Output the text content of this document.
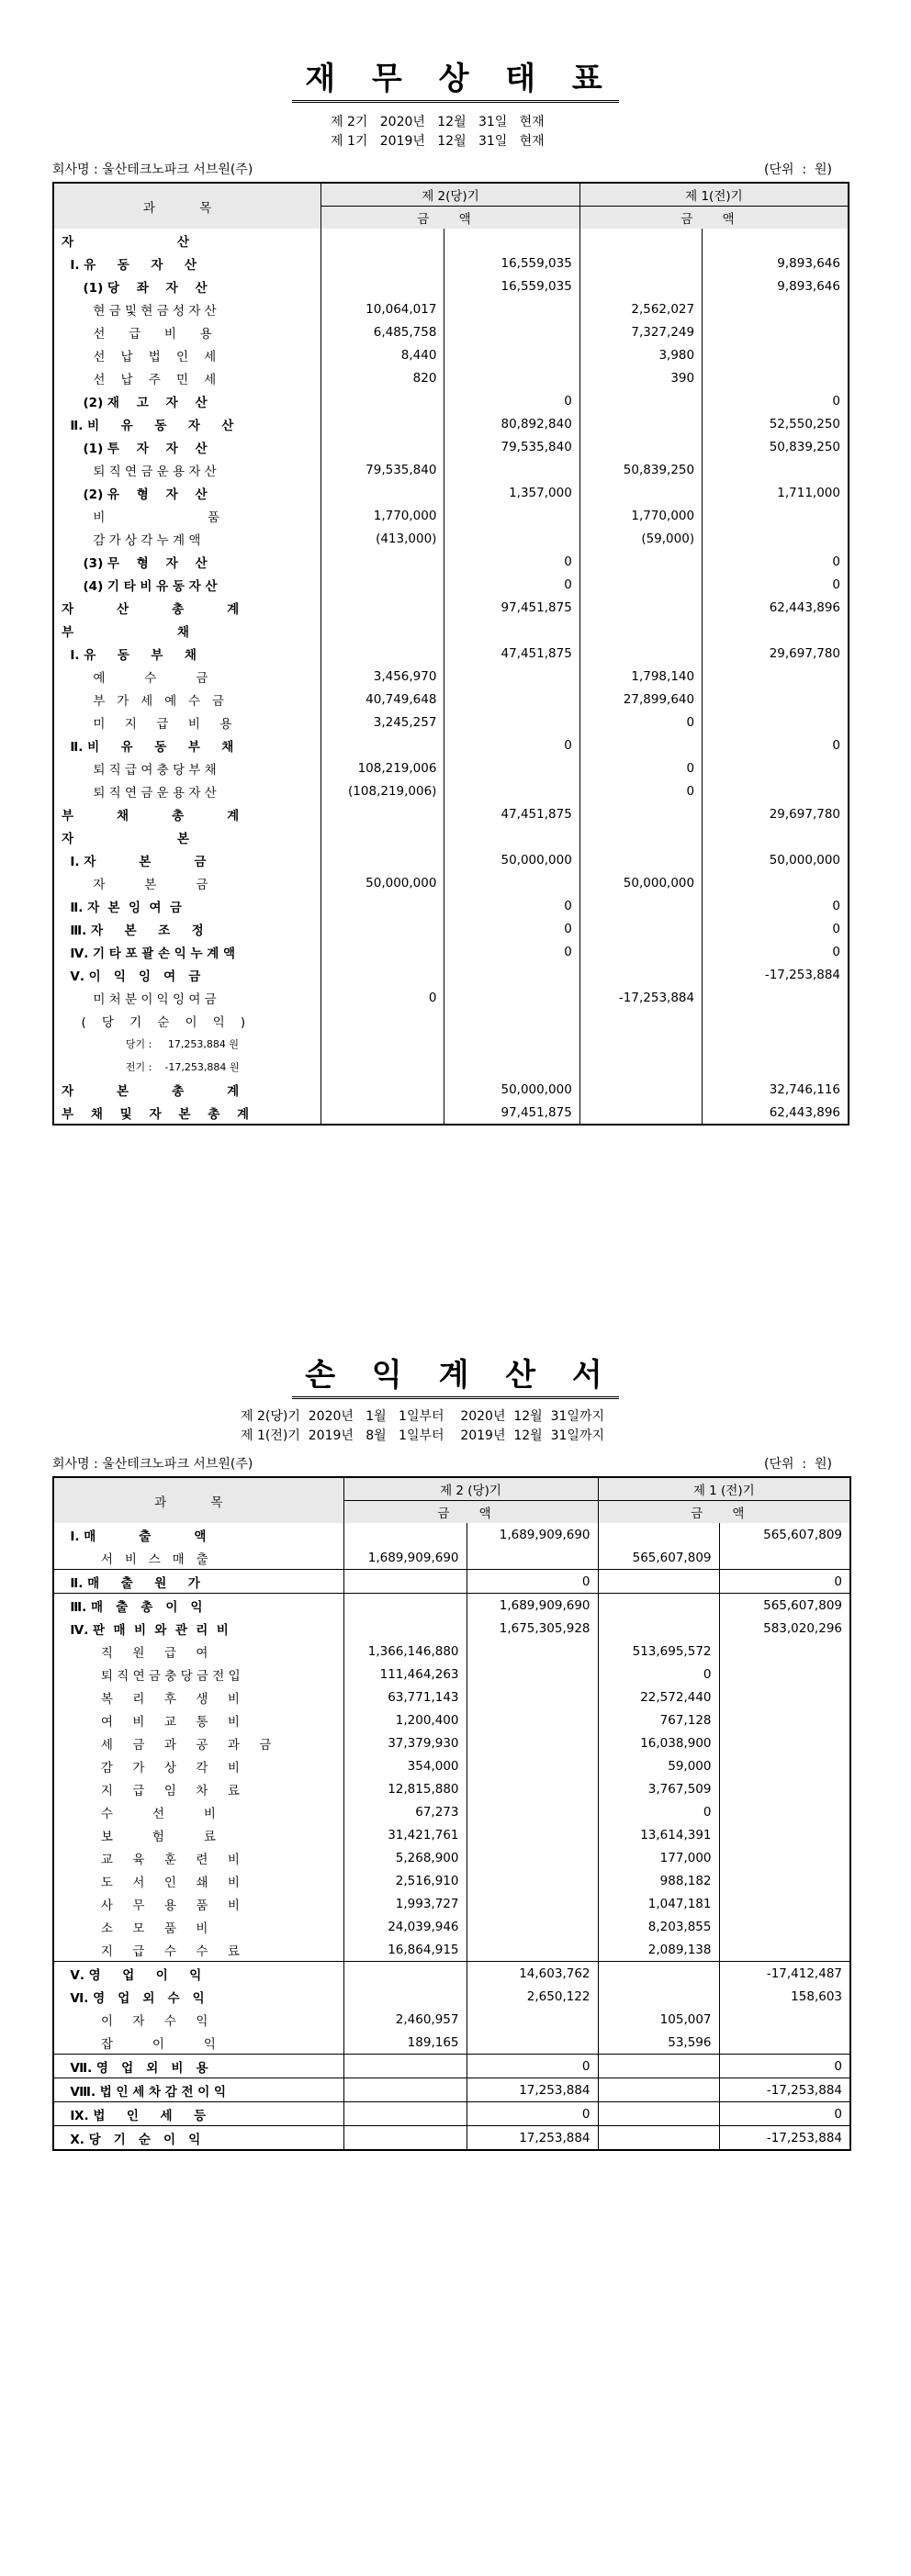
재 무 상 태 표
제 2기   2020년   12월   31일   현재
제 1기   2019년   12월   31일   현재
회사명 : 울산테크노파크 서브원(주)	(단위  :  원)
과 목	제 2(당)기		제 1(전)기	
	금 액		금 액	
자                        산				
Ⅰ. 유     동     자     산		16,559,035		9,893,646
(1) 당    좌    자    산		16,559,035		9,893,646
현 금 및 현 금 성 자 산	10,064,017		2,562,027	
선      급      비      용	6,485,758		7,327,249	
선    납    법    인    세	8,440		3,980	
선    납    주    민    세	820		390	
(2) 재    고    자    산		0		0
Ⅱ. 비     유     동     자     산		80,892,840		52,550,250
(1) 투    자    자    산		79,535,840		50,839,250
퇴 직 연 금 운 용 자 산	79,535,840		50,839,250	
(2) 유    형    자    산		1,357,000		1,711,000
비                          품	1,770,000		1,770,000	
감 가 상 각 누 계 액	(413,000)		(59,000)	
(3) 무    형    자    산		0		0
(4) 기 타 비 유 동 자 산		0		0
자          산          총          계		97,451,875		62,443,896
부                        채				
Ⅰ. 유     동     부     채		47,451,875		29,697,780
예          수          금	3,456,970		1,798,140	
부   가   세   예   수   금	40,749,648		27,899,640	
미     지     급     비     용	3,245,257		0	
Ⅱ. 비     유     동     부     채		0		0
퇴 직 급 여 충 당 부 채	108,219,006		0	
퇴 직 연 금 운 용 자 산	(108,219,006)		0	
부          채          총          계		47,451,875		29,697,780
자                        본				
Ⅰ. 자          본          금		50,000,000		50,000,000
자          본          금	50,000,000		50,000,000	
Ⅱ. 자  본  잉  여  금		0		0
Ⅲ. 자     본     조     정		0		0
Ⅳ. 기 타 포 괄 손 익 누 계 액		0		0
Ⅴ. 이   익   잉   여   금				-17,253,884
미 처 분 이 익 잉 여 금	0		-17,253,884	
(    당    기    순    이    익    )				
당기 :     17,253,884 원				
전기 :    -17,253,884 원				
자          본          총          계		50,000,000		32,746,116
부    채    및    자    본    총    계		97,451,875		62,443,896
손 익 계 산 서
제 2(당)기  2020년   1월   1일부터    2020년  12월  31일까지
제 1(전)기  2019년   8월   1일부터    2019년  12월  31일까지
회사명 : 울산테크노파크 서브원(주)	(단위  :  원)
과 목	제 2 (당)기		제 1 (전)기	
	금 액		금 액	
Ⅰ. 매          출          액		1,689,909,690		565,607,809
서   비   스   매   출	1,689,909,690		565,607,809	
Ⅱ. 매     출     원     가		0		0
Ⅲ. 매   출   총   이   익		1,689,909,690		565,607,809
Ⅳ. 판  매  비  와  관  리  비		1,675,305,928		583,020,296
직     원     급     여	1,366,146,880		513,695,572	
퇴 직 연 금 충 당 금 전 입	111,464,263		0	
복     리     후     생     비	63,771,143		22,572,440	
여     비     교     통     비	1,200,400		767,128	
세     금     과     공     과     금	37,379,930		16,038,900	
감     가     상     각     비	354,000		59,000	
지     급     임     차     료	12,815,880		3,767,509	
수          선          비	67,273		0	
보          험          료	31,421,761		13,614,391	
교     육     훈     련     비	5,268,900		177,000	
도     서     인     쇄     비	2,516,910		988,182	
사     무     용     품     비	1,993,727		1,047,181	
소     모     품     비	24,039,946		8,203,855	
지     급     수     수     료	16,864,915		2,089,138	
Ⅴ. 영     업     이     익		14,603,762		-17,412,487
Ⅵ. 영   업   외   수   익		2,650,122		158,603
이     자     수     익	2,460,957		105,007	
잡          이          익	189,165		53,596	
Ⅶ. 영   업   외   비   용		0		0
Ⅷ. 법 인 세 차 감 전 이 익		17,253,884		-17,253,884
Ⅸ. 법     인     세     등		0		0
Ⅹ. 당   기   순   이   익		17,253,884		-17,253,884
